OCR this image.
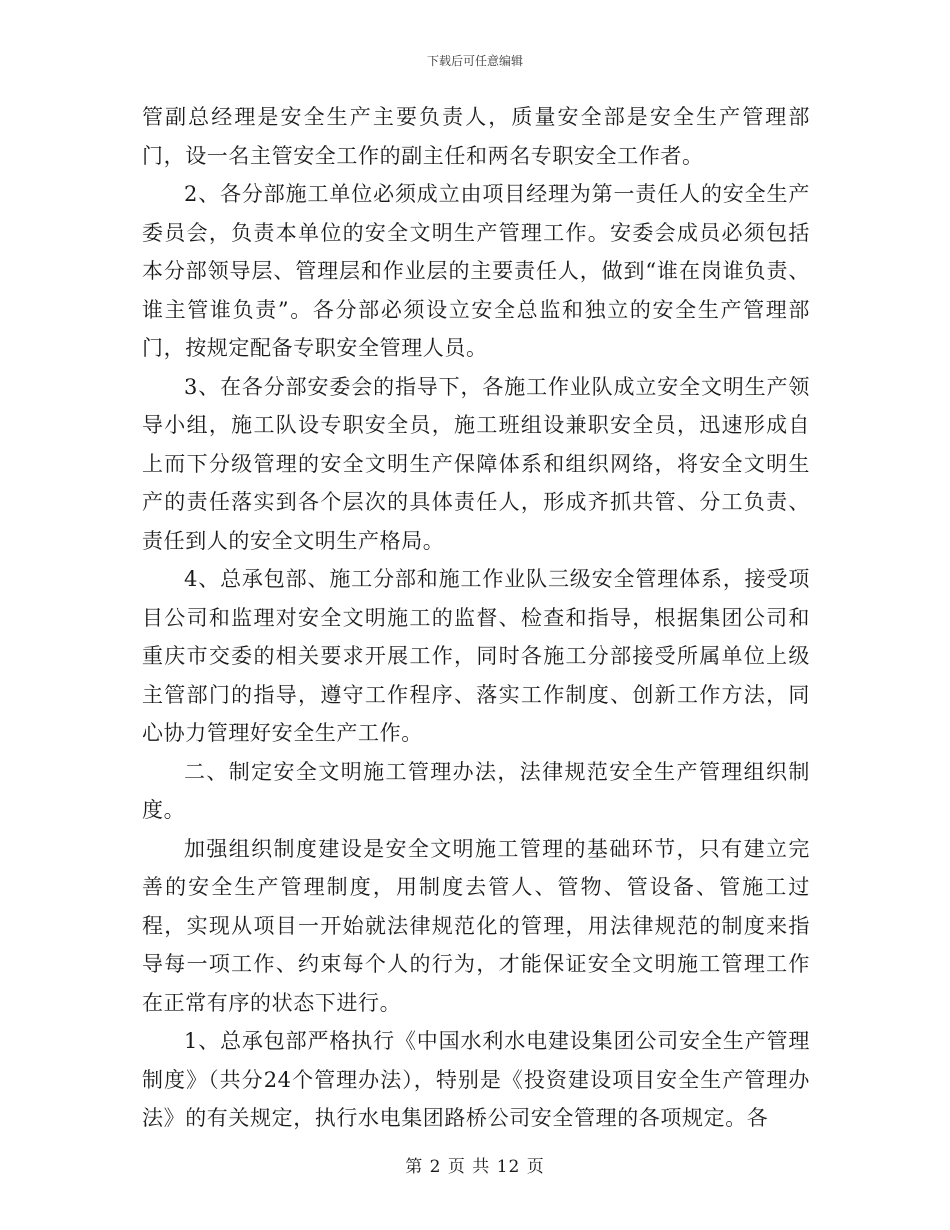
下载后可任意编辑

管副总经理是安全生产主要负责人，质量安全部是安全生产管理部门，设一名主管安全工作的副主任和两名专职安全工作者。

2、各分部施工单位必须成立由项目经理为第一责任人的安全生产委员会，负责本单位的安全文明生产管理工作。安委会成员必须包括本分部领导层、管理层和作业层的主要责任人，做到“谁在岗谁负责、谁主管谁负责”。各分部必须设立安全总监和独立的安全生产管理部门，按规定配备专职安全管理人员。

3、在各分部安委会的指导下，各施工作业队成立安全文明生产领导小组，施工队设专职安全员，施工班组设兼职安全员，迅速形成自上而下分级管理的安全文明生产保障体系和组织网络，将安全文明生产的责任落实到各个层次的具体责任人，形成齐抓共管、分工负责、责任到人的安全文明生产格局。

4、总承包部、施工分部和施工作业队三级安全管理体系，接受项目公司和监理对安全文明施工的监督、检查和指导，根据集团公司和重庆市交委的相关要求开展工作，同时各施工分部接受所属单位上级主管部门的指导，遵守工作程序、落实工作制度、创新工作方法，同心协力管理好安全生产工作。

二、制定安全文明施工管理办法，法律规范安全生产管理组织制度。

加强组织制度建设是安全文明施工管理的基础环节，只有建立完善的安全生产管理制度，用制度去管人、管物、管设备、管施工过程，实现从项目一开始就法律规范化的管理，用法律规范的制度来指导每一项工作、约束每个人的行为，才能保证安全文明施工管理工作在正常有序的状态下进行。

1、总承包部严格执行《中国水利水电建设集团公司安全生产管理制度》（共分24个管理办法），特别是《投资建设项目安全生产管理办法》的有关规定，执行水电集团路桥公司安全管理的各项规定。各

第 2 页 共 12 页
